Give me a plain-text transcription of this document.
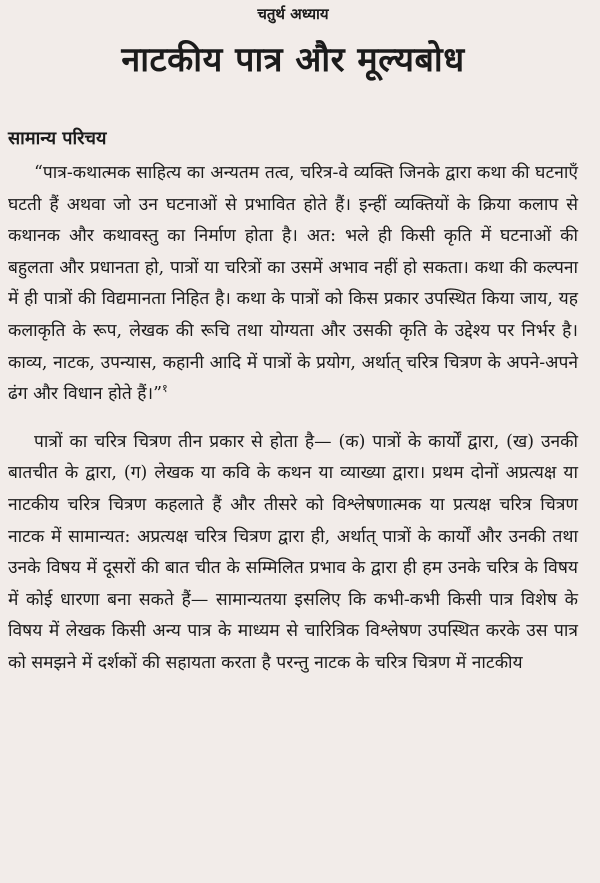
चतुर्थ अध्याय
नाटकीय पात्र और मूल्यबोध
सामान्य परिचय

“पात्र-कथात्मक साहित्य का अन्यतम तत्व, चरित्र-वे व्यक्ति जिनके द्वारा कथा की घटनाएँ घटती हैं अथवा जो उन घटनाओं से प्रभावित होते हैं। इन्हीं व्यक्तियों के क्रिया कलाप से कथानक और कथावस्तु का निर्माण होता है। अत: भले ही किसी कृति में घटनाओं की बहुलता और प्रधानता हो, पात्रों या चरित्रों का उसमें अभाव नहीं हो सकता। कथा की कल्पना में ही पात्रों की विद्यमानता निहित है। कथा के पात्रों को किस प्रकार उपस्थित किया जाय, यह कलाकृति के रूप, लेखक की रूचि तथा योग्यता और उसकी कृति के उद्देश्य पर निर्भर है। काव्य, नाटक, उपन्यास, कहानी आदि में पात्रों के प्रयोग, अर्थात् चरित्र चित्रण के अपने-अपने ढंग और विधान होते हैं।”$^१$

पात्रों का चरित्र चित्रण तीन प्रकार से होता है— (क) पात्रों के कार्यों द्वारा, (ख) उनकी बातचीत के द्वारा, (ग) लेखक या कवि के कथन या व्याख्या द्वारा। प्रथम दोनों अप्रत्यक्ष या नाटकीय चरित्र चित्रण कहलाते हैं और तीसरे को विश्लेषणात्मक या प्रत्यक्ष चरित्र चित्रण नाटक में सामान्यत: अप्रत्यक्ष चरित्र चित्रण द्वारा ही, अर्थात् पात्रों के कार्यों और उनकी तथा उनके विषय में दूसरों की बात चीत के सम्मिलित प्रभाव के द्वारा ही हम उनके चरित्र के विषय में कोई धारणा बना सकते हैं— सामान्यतया इसलिए कि कभी-कभी किसी पात्र विशेष के विषय में लेखक किसी अन्य पात्र के माध्यम से चारित्रिक विश्लेषण उपस्थित करके उस पात्र को समझने में दर्शकों की सहायता करता है परन्तु नाटक के चरित्र चित्रण में नाटकीय
